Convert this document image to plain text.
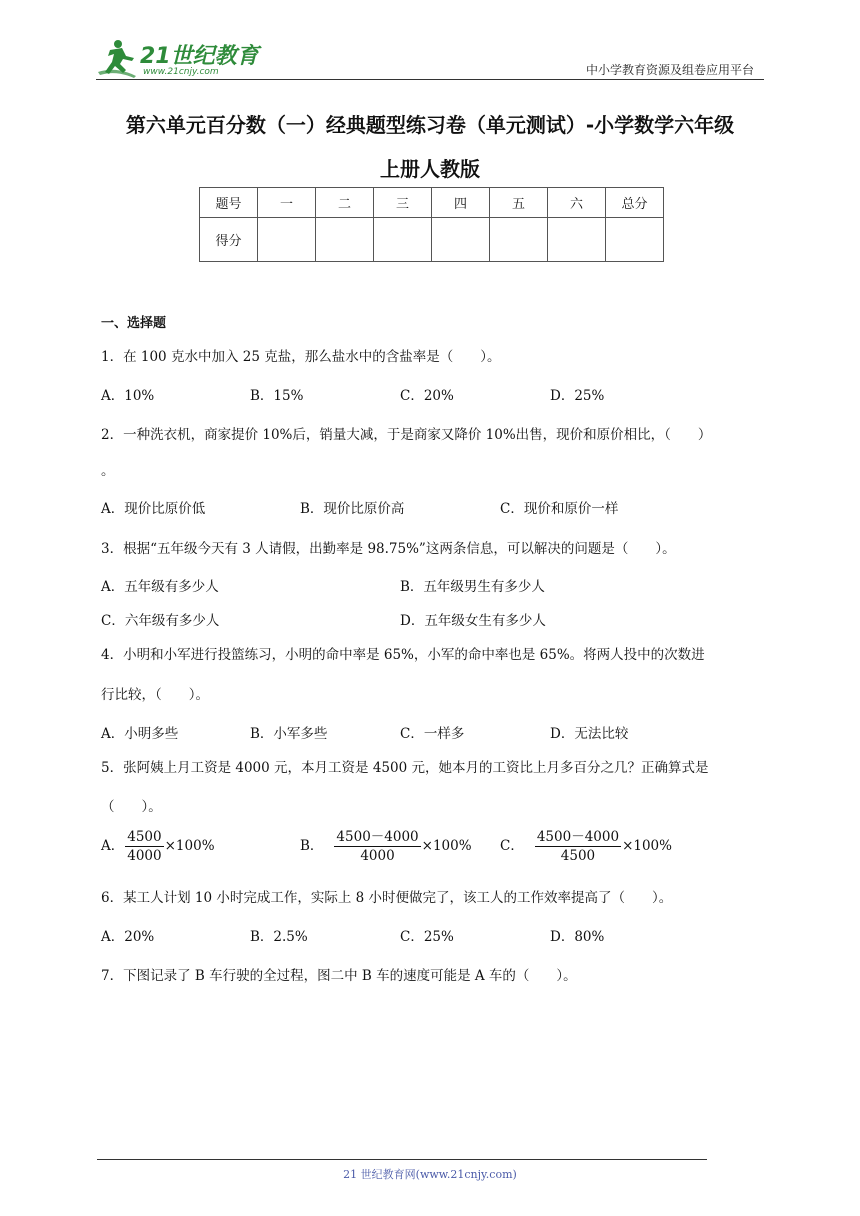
21世纪教育
www.21cnjy.com	中小学教育资源及组卷应用平台
第六单元百分数（一）经典题型练习卷（单元测试）-小学数学六年级
上册人教版
题号	一	二	三	四	五	六	总分
得分							
一、选择题
1．在 100 克水中加入 25 克盐，那么盐水中的含盐率是（　　）。
A．10%	B．15%	C．20%	D．25%
2．一种洗衣机，商家提价 10%后，销量大减，于是商家又降价 10%出售，现价和原价相比，（　　）
。
A．现价比原价低	B．现价比原价高	C．现价和原价一样
3．根据“五年级今天有 3 人请假，出勤率是 98.75%”这两条信息，可以解决的问题是（　　）。
A．五年级有多少人	B．五年级男生有多少人
C．六年级有多少人	D．五年级女生有多少人
4．小明和小军进行投篮练习，小明的命中率是 65%，小军的命中率也是 65%。将两人投中的次数进
行比较，（　　）。
A．小明多些	B．小军多些	C．一样多	D．无法比较
5．张阿姨上月工资是 4000 元，本月工资是 4500 元，她本月的工资比上月多百分之几？正确算式是
（　　）。
A． $\frac{4500}{4000} \times 100\%$	B． $\frac{4500-4000}{4000} \times 100\%$ C． $\frac{4500-4000}{4500} \times 100\%$
6．某工人计划 10 小时完成工作，实际上 8 小时便做完了，该工人的工作效率提高了（　　）。
A．20%	B．2.5%	C．25%	D．80%
7．下图记录了 B 车行驶的全过程，图二中 B 车的速度可能是 A 车的（　　）。
21 世纪教育网(www.21cnjy.com)
